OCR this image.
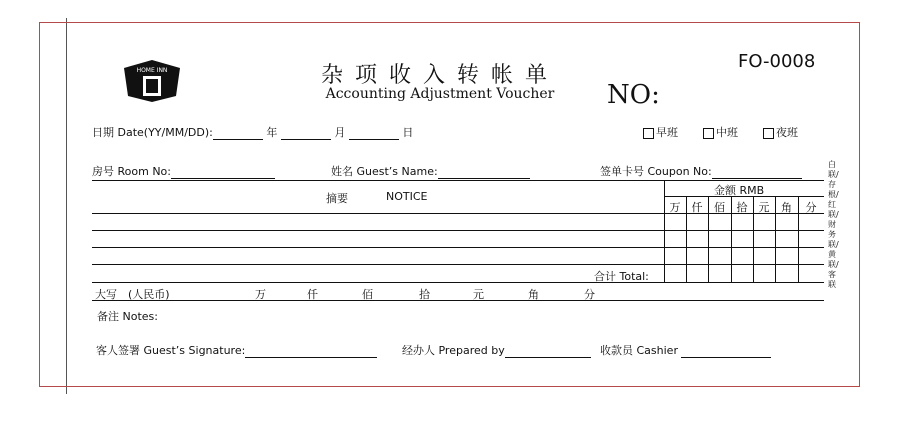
HOME INN	杂项收入转帐单
Accounting Adjustment Voucher
FO-0008
NO:
日期 Date(YY/MM/DD):	年	月	日	早班	中班	夜班
房号 Room No:	姓名 Guest’s Name:	签单卡号 Coupon No:
白联/存根/红联/财务联/黄联/客联
摘要	NOTICE	金额 RMB
万	仟	佰	拾	元	角	分
合计 Total:
大写　(人民币)	万	仟	佰	拾	元	角	分
备注 Notes:
客人签署 Guest’s Signature:	经办人 Prepared by	收款员 Cashier
